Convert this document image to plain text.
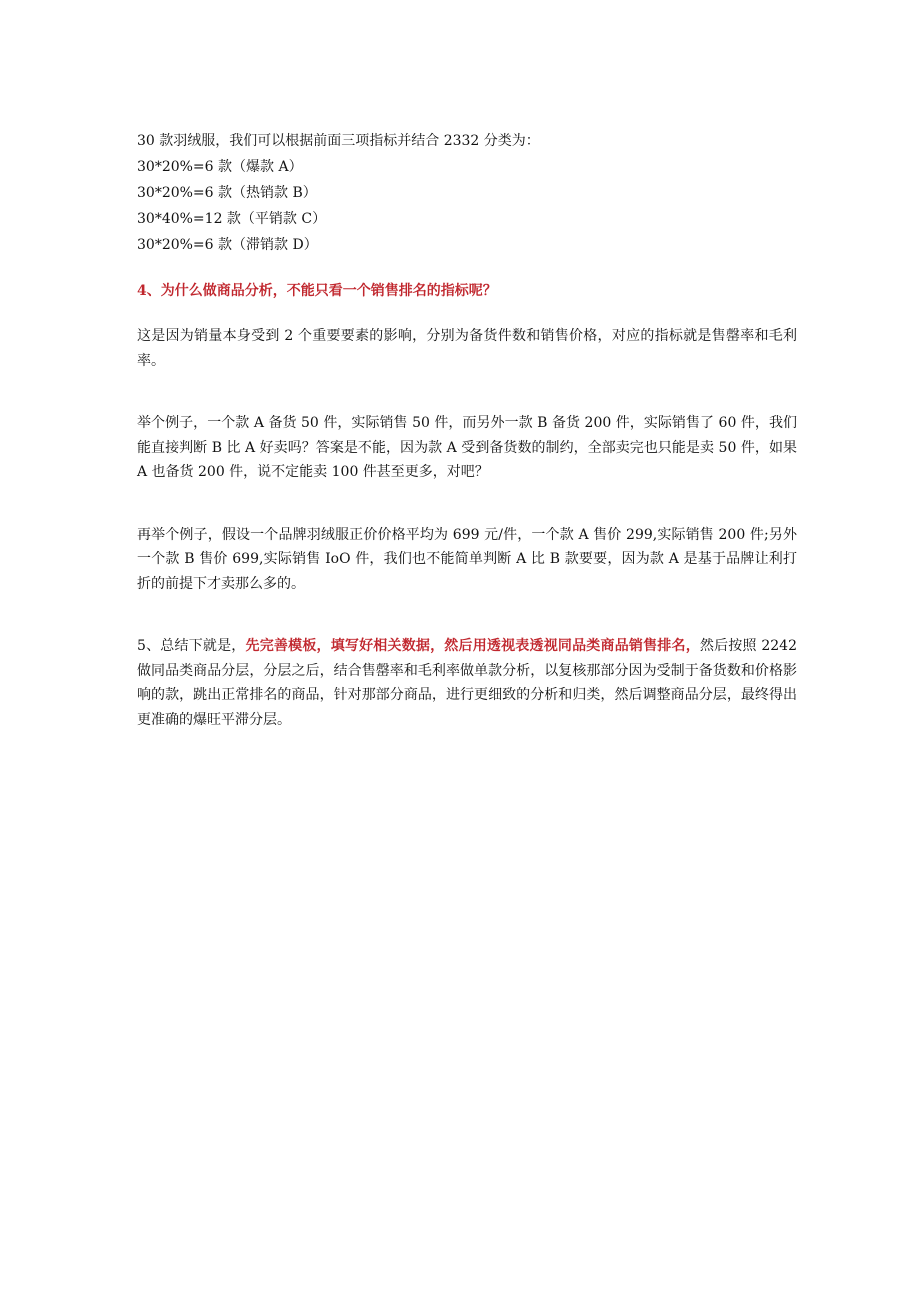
30 款羽绒服，我们可以根据前面三项指标并结合 2332 分类为：
30*20%=6 款（爆款 A）
30*20%=6 款（热销款 B）
30*40%=12 款（平销款 C）
30*20%=6 款（滞销款 D）
4、为什么做商品分析，不能只看一个销售排名的指标呢？

这是因为销量本身受到 2 个重要要素的影响，分别为备货件数和销售价格，对应的指标就是售罄率和毛利率。

举个例子，一个款 A 备货 50 件，实际销售 50 件，而另外一款 B 备货 200 件，实际销售了 60 件，我们能直接判断 B 比 A 好卖吗？答案是不能，因为款 A 受到备货数的制约，全部卖完也只能是卖 50 件，如果 A 也备货 200 件，说不定能卖 100 件甚至更多，对吧？

再举个例子，假设一个品牌羽绒服正价价格平均为 699 元/件，一个款 A 售价 299,实际销售 200 件;另外一个款 B 售价 699,实际销售 IoO 件，我们也不能简单判断 A 比 B 款要要，因为款 A 是基于品牌让利打折的前提下才卖那么多的。

5、总结下就是，先完善模板，填写好相关数据，然后用透视表透视同品类商品销售排名，然后按照 2242 做同品类商品分层，分层之后，结合售罄率和毛利率做单款分析，以复核那部分因为受制于备货数和价格影响的款，跳出正常排名的商品，针对那部分商品，进行更细致的分析和归类，然后调整商品分层，最终得出更准确的爆旺平滞分层。
